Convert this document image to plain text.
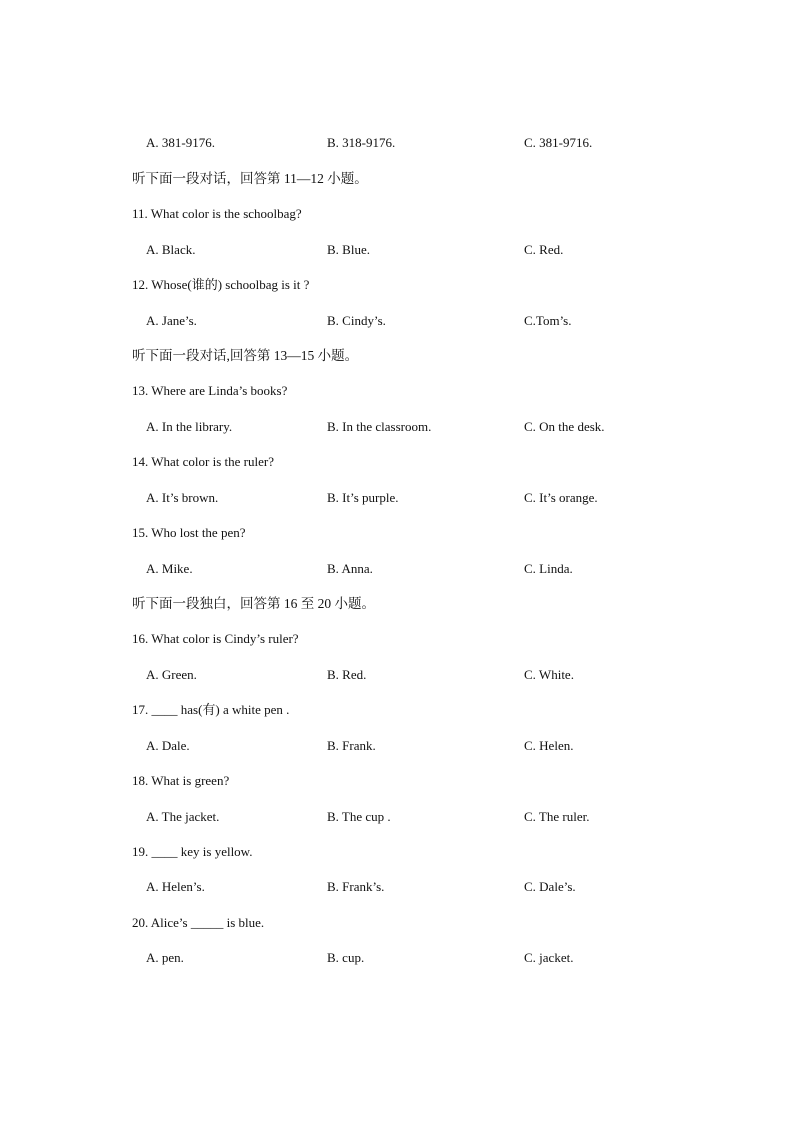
A. 381-9176.	B. 318-9176.	C. 381-9716.
听下面一段对话，回答第 11—12 小题。
11. What color is the schoolbag?
A. Black.	B. Blue.	C. Red.
12. Whose(谁的) schoolbag is it ?
A. Jane’s.	B. Cindy’s.	C.Tom’s.
听下面一段对话,回答第 13—15 小题。
13. Where are Linda’s books?
A. In the library.	B. In the classroom.	C. On the desk.
14. What color is the ruler?
A. It’s brown.	B. It’s purple.	C. It’s orange.
15. Who lost the pen?
A. Mike.	B. Anna.	C. Linda.
听下面一段独白，回答第 16 至 20 小题。
16. What color is Cindy’s ruler?
A. Green.	B. Red.	C. White.
17. ____ has(有) a white pen .
A. Dale.	B. Frank.	C. Helen.
18. What is green?
A. The jacket.	B. The cup .	C. The ruler.
19. ____ key is yellow.
A. Helen’s.	B. Frank’s.	C. Dale’s.
20. Alice’s _____ is blue.
A. pen.	B. cup.	C. jacket.
